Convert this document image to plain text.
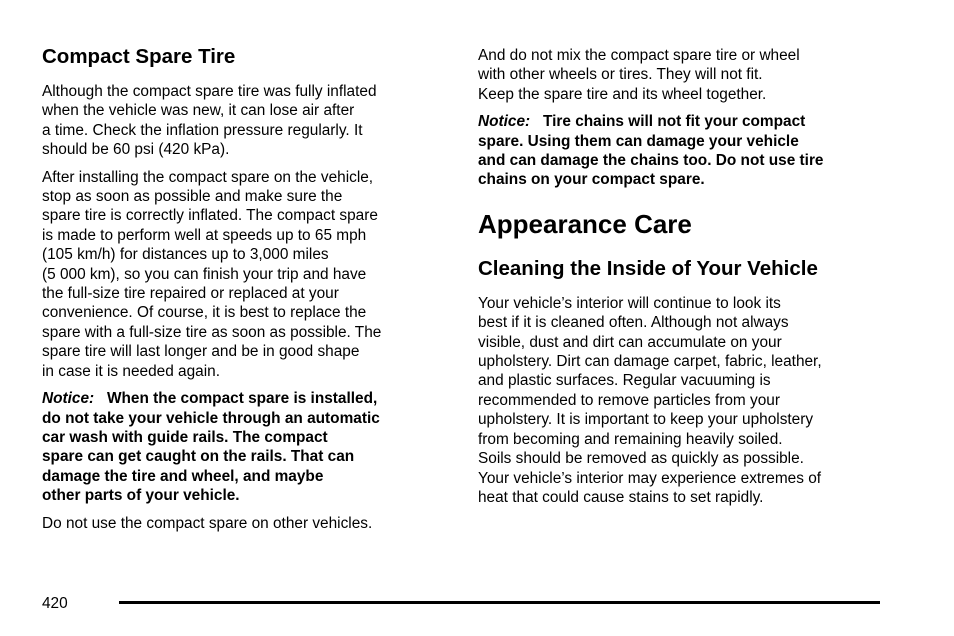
Compact Spare Tire

Although the compact spare tire was fully inflated
when the vehicle was new, it can lose air after
a time. Check the inflation pressure regularly. It
should be 60 psi (420 kPa).

After installing the compact spare on the vehicle,
stop as soon as possible and make sure the
spare tire is correctly inflated. The compact spare
is made to perform well at speeds up to 65 mph
(105 km/h) for distances up to 3,000 miles
(5 000 km), so you can finish your trip and have
the full-size tire repaired or replaced at your
convenience. Of course, it is best to replace the
spare with a full-size tire as soon as possible. The
spare tire will last longer and be in good shape
in case it is needed again.

Notice: When the compact spare is installed,
do not take your vehicle through an automatic
car wash with guide rails. The compact
spare can get caught on the rails. That can
damage the tire and wheel, and maybe
other parts of your vehicle.

Do not use the compact spare on other vehicles.

And do not mix the compact spare tire or wheel
with other wheels or tires. They will not fit.
Keep the spare tire and its wheel together.

Notice: Tire chains will not fit your compact
spare. Using them can damage your vehicle
and can damage the chains too. Do not use tire
chains on your compact spare.

Appearance Care
Cleaning the Inside of Your Vehicle

Your vehicle’s interior will continue to look its
best if it is cleaned often. Although not always
visible, dust and dirt can accumulate on your
upholstery. Dirt can damage carpet, fabric, leather,
and plastic surfaces. Regular vacuuming is
recommended to remove particles from your
upholstery. It is important to keep your upholstery
from becoming and remaining heavily soiled.
Soils should be removed as quickly as possible.
Your vehicle’s interior may experience extremes of
heat that could cause stains to set rapidly.

420
